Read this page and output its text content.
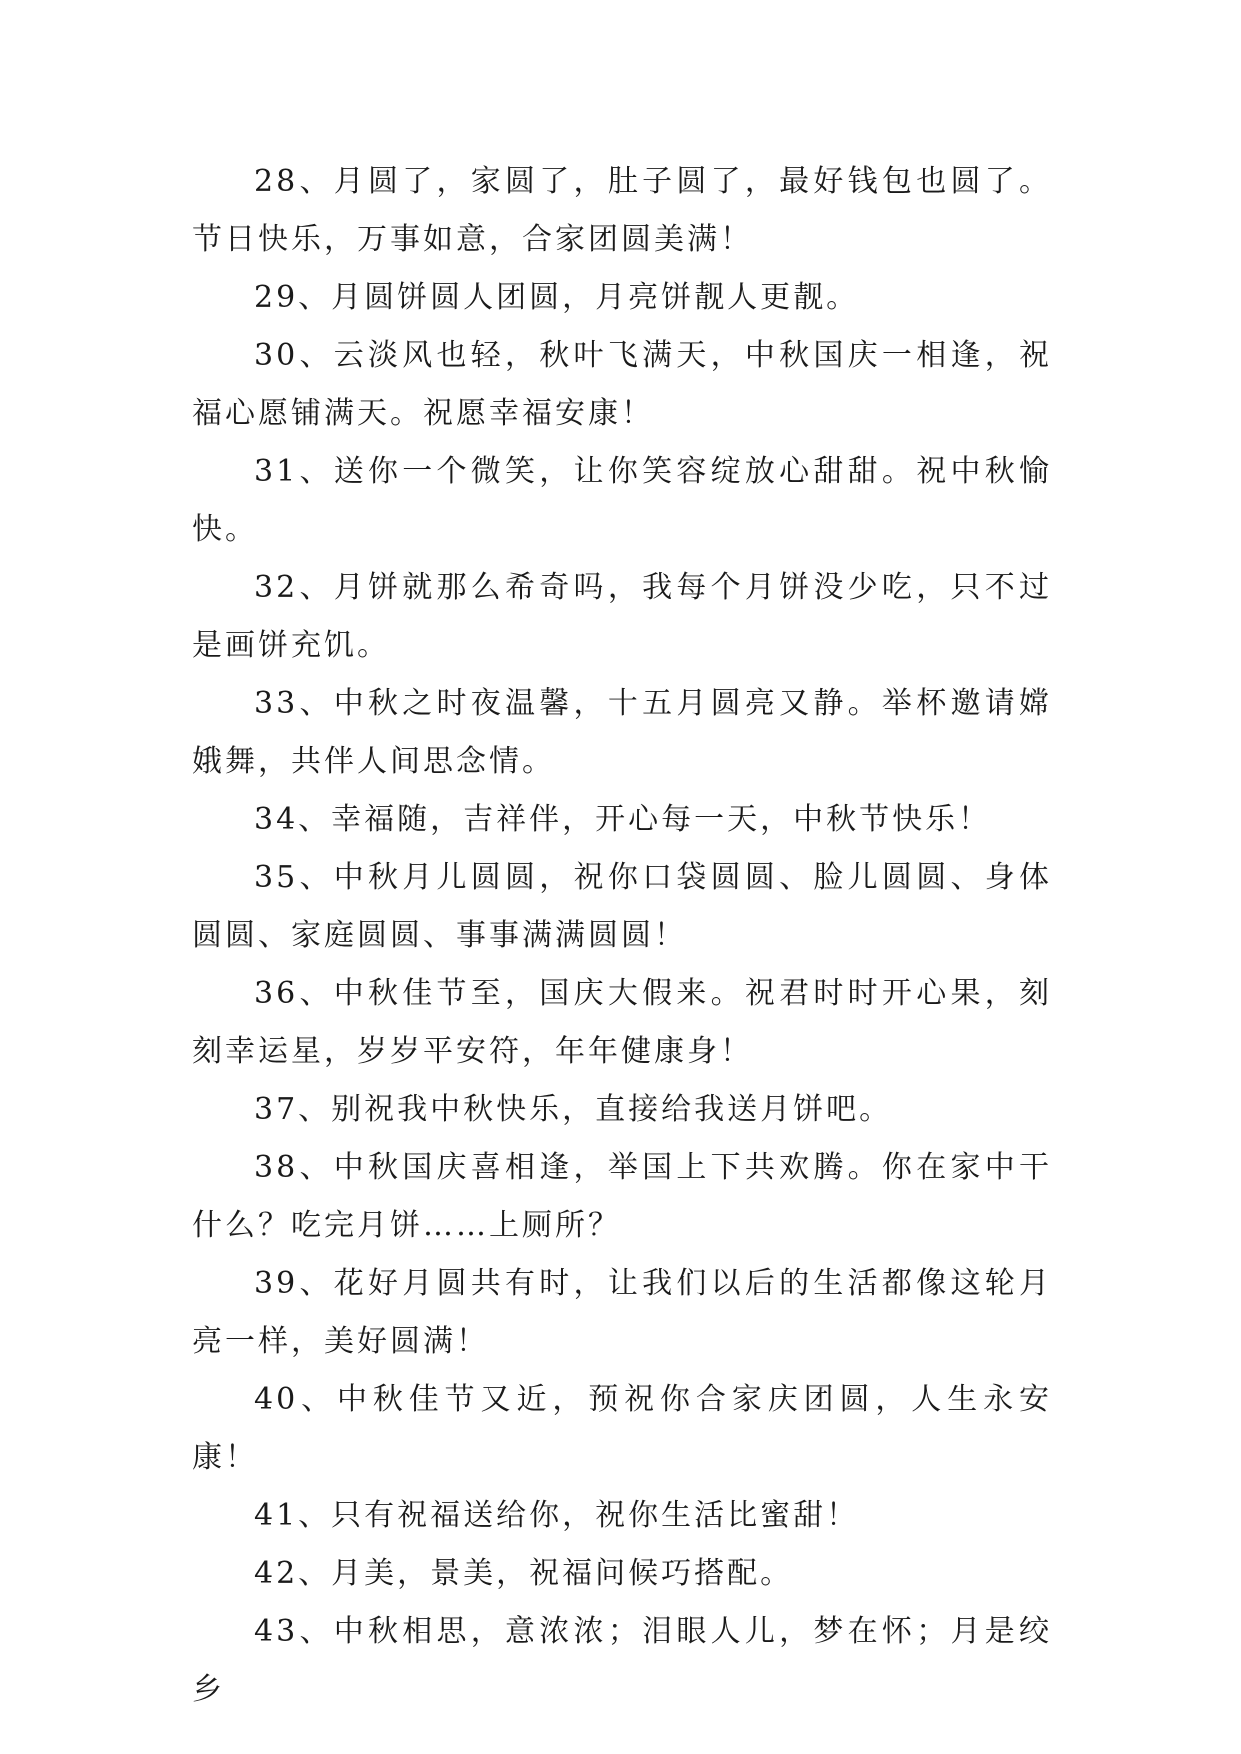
28、月圆了，家圆了，肚子圆了，最好钱包也圆了。节日快乐，万事如意，合家团圆美满！

29、月圆饼圆人团圆，月亮饼靓人更靓。

30、云淡风也轻，秋叶飞满天，中秋国庆一相逢，祝福心愿铺满天。祝愿幸福安康！

31、送你一个微笑，让你笑容绽放心甜甜。祝中秋愉快。

32、月饼就那么希奇吗，我每个月饼没少吃，只不过是画饼充饥。

33、中秋之时夜温馨，十五月圆亮又静。举杯邀请嫦娥舞，共伴人间思念情。

34、幸福随，吉祥伴，开心每一天，中秋节快乐！

35、中秋月儿圆圆，祝你口袋圆圆、脸儿圆圆、身体圆圆、家庭圆圆、事事满满圆圆！

36、中秋佳节至，国庆大假来。祝君时时开心果，刻刻幸运星，岁岁平安符，年年健康身！

37、别祝我中秋快乐，直接给我送月饼吧。

38、中秋国庆喜相逢，举国上下共欢腾。你在家中干什么？吃完月饼……上厕所？

39、花好月圆共有时，让我们以后的生活都像这轮月亮一样，美好圆满！

40、中秋佳节又近，预祝你合家庆团圆，人生永安康！

41、只有祝福送给你，祝你生活比蜜甜！

42、月美，景美，祝福问候巧搭配。

43、中秋相思，意浓浓；泪眼人儿，梦在怀；月是绞乡
